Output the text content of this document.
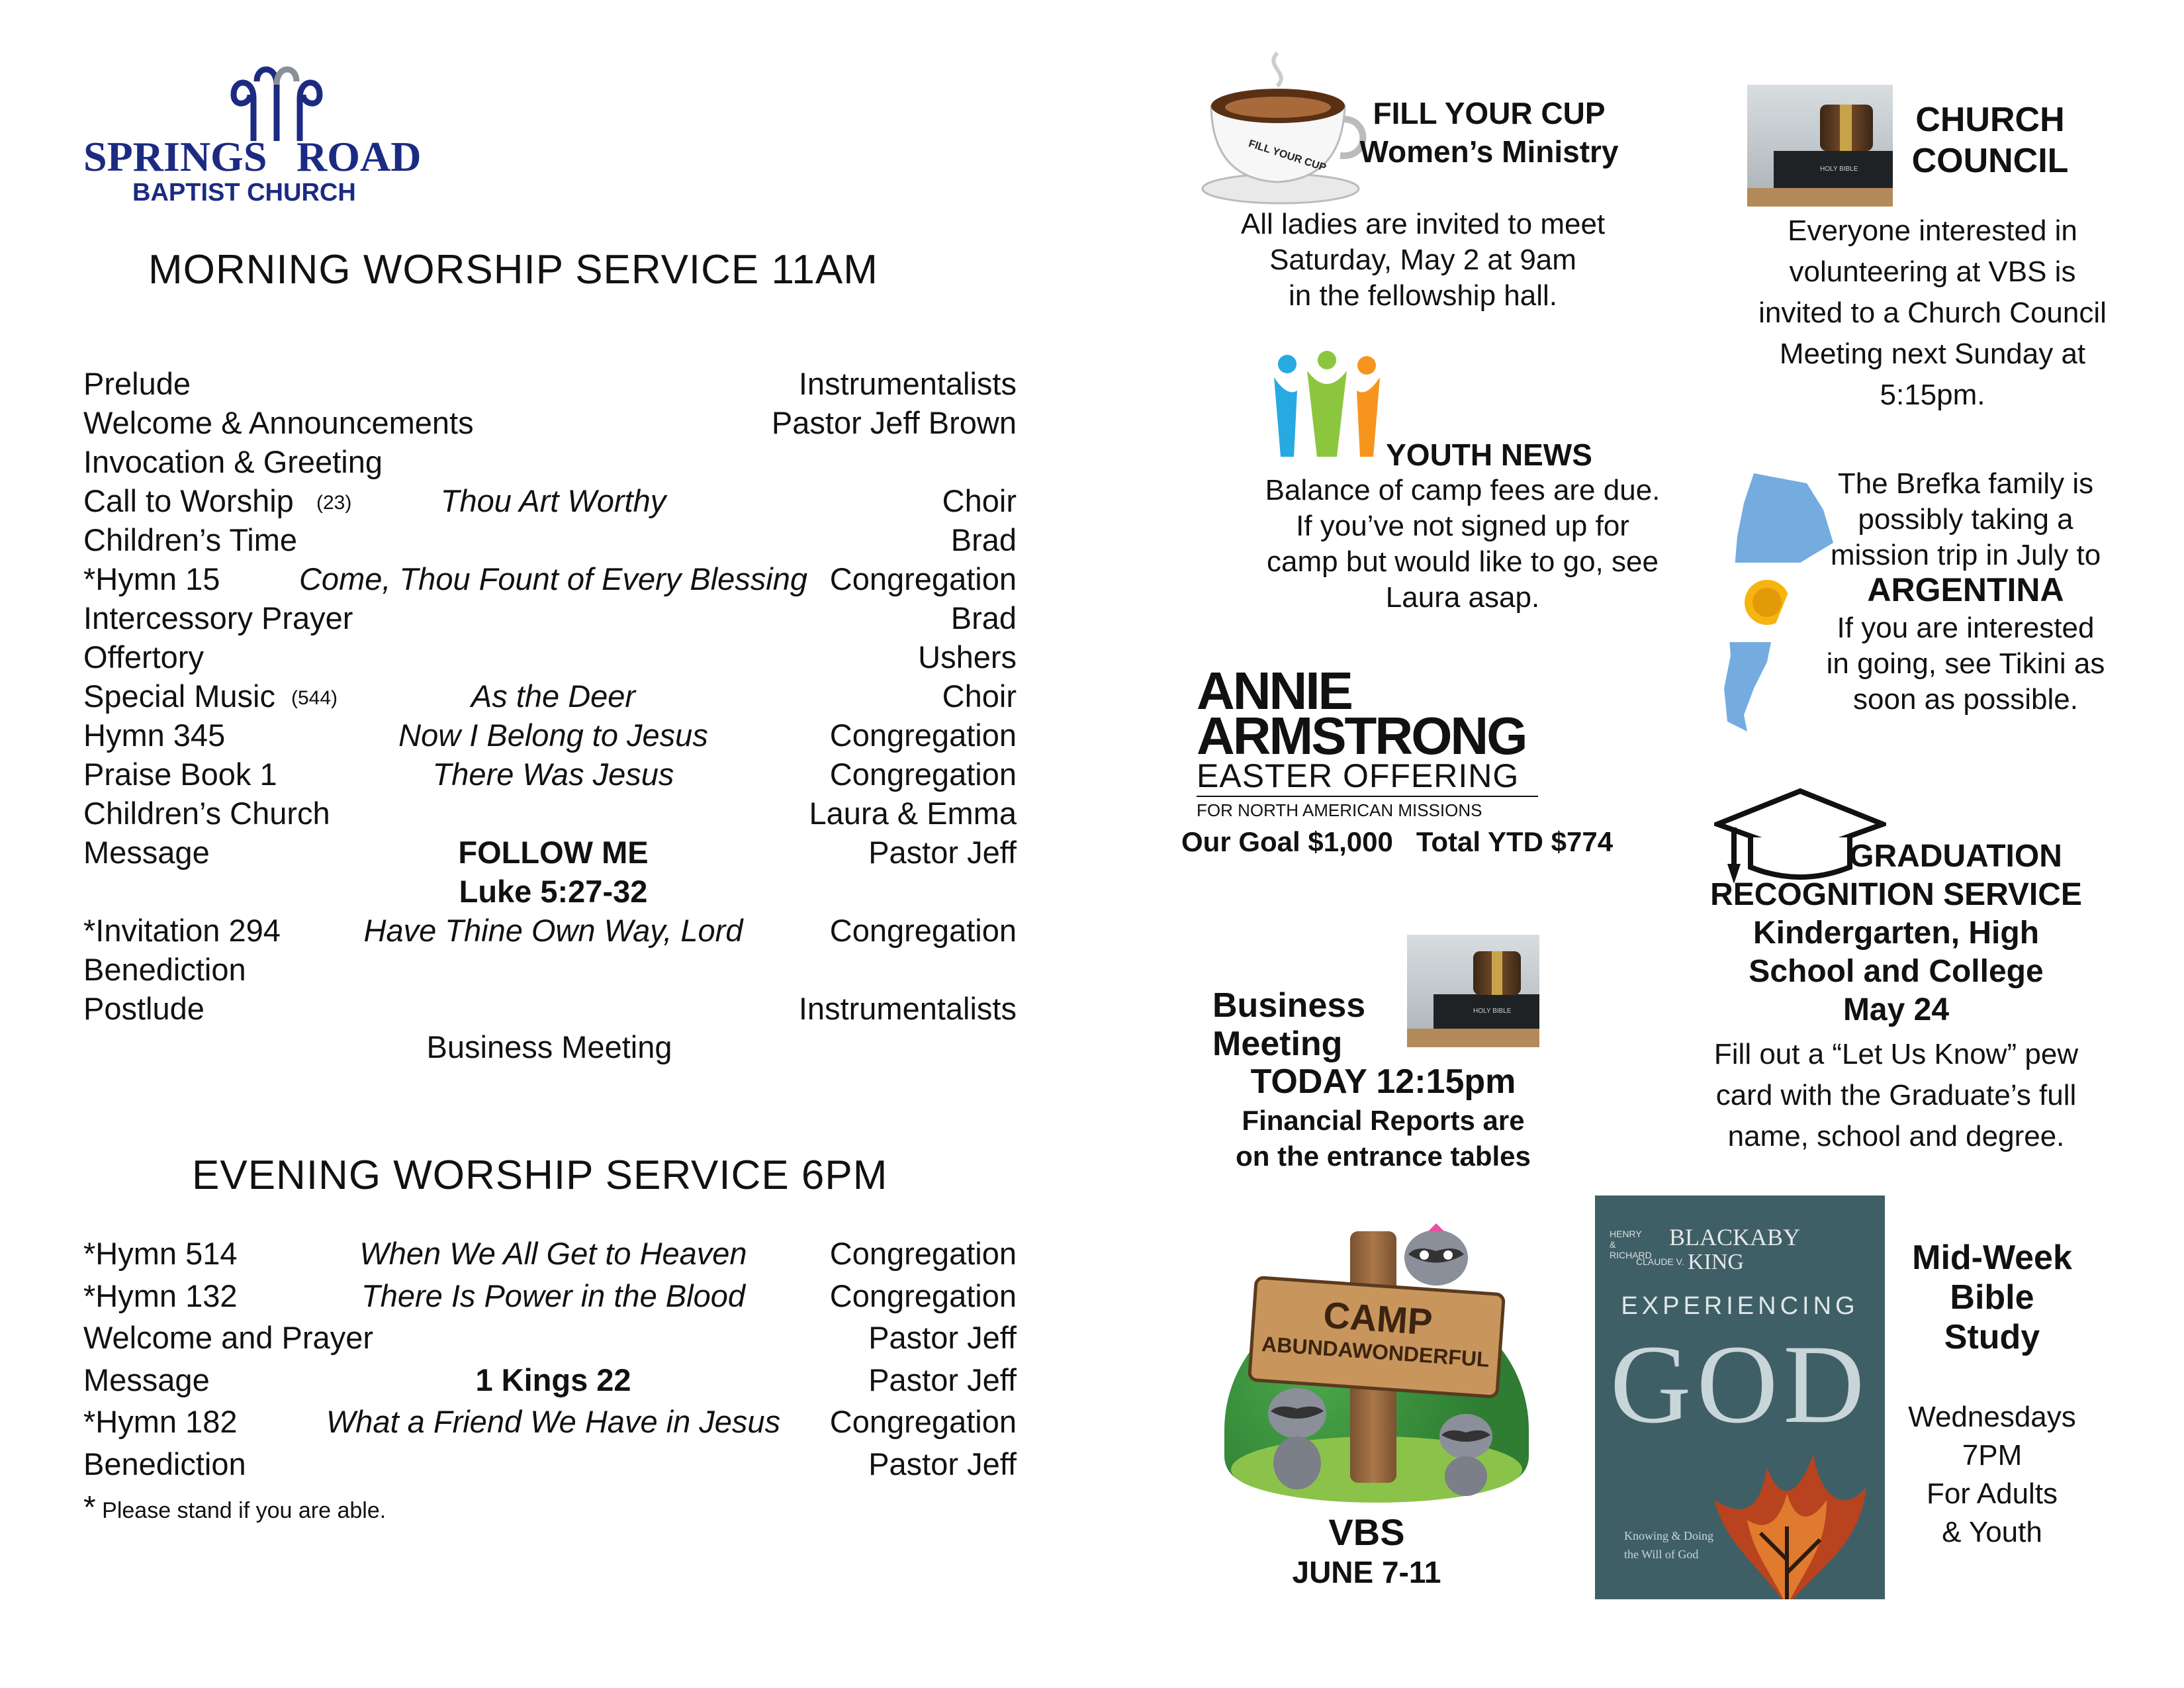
SPRINGS ROAD
BAPTIST CHURCH
MORNING WORSHIP SERVICE 11AM
Prelude	Instrumentalists
Welcome & Announcements	Pastor Jeff Brown
Invocation & Greeting
Call to Worship (23)	Thou Art Worthy	Choir
Children’s Time	Brad
*Hymn 15	Come, Thou Fount of Every Blessing Congregation
Intercessory Prayer	Brad
Offertory	Ushers
Special Music (544)	As the Deer	Choir
Hymn 345	Now I Belong to Jesus	Congregation
Praise Book 1	There Was Jesus	Congregation
Children’s Church	Laura & Emma
Message	FOLLOW ME	Pastor Jeff
Luke 5:27-32
*Invitation 294	Have Thine Own Way, Lord	Congregation
Benediction
Postlude	Instrumentalists
Business Meeting
EVENING WORSHIP SERVICE 6PM
*Hymn 514	When We All Get to Heaven	Congregation
*Hymn 132	There Is Power in the Blood	Congregation
Welcome and Prayer	Pastor Jeff
Message	1 Kings 22	Pastor Jeff
*Hymn 182	What a Friend We Have in Jesus Congregation
Benediction	Pastor Jeff
* Please stand if you are able.
FILL YOUR CUP
FILL YOUR CUP
Women’s Ministry
All ladies are invited to meet
Saturday, May 2 at 9am
in the fellowship hall.
HOLY BIBLE
CHURCH
COUNCIL
Everyone interested in
volunteering at VBS is
invited to a Church Council
Meeting next Sunday at
5:15pm.
YOUTH NEWS
Balance of camp fees are due.
If you’ve not signed up for
camp but would like to go, see
Laura asap.
The Brefka family is
possibly taking a
mission trip in July to
ARGENTINA
If you are interested
in going, see Tikini as
soon as possible.
ANNIE
ARMSTRONG
EASTER OFFERING
FOR NORTH AMERICAN MISSIONS
Our Goal $1,000   Total YTD $774	GRADUATION
RECOGNITION SERVICE
Kindergarten, High
School and College
May 24
Fill out a “Let Us Know” pew
card with the Graduate’s full
name, school and degree.
HOLY BIBLE
Business
Meeting
TODAY 12:15pm
Financial Reports are
on the entrance tables
CAMP
ABUNDAWONDERFUL
VBS
JUNE 7-11
HENRY & RICHARD
BLACKABY
CLAUDE V. KING
EXPERIENCING
GOD
Knowing & Doing
the Will of God
Mid-Week
Bible
Study
Wednesdays
7PM
For Adults
& Youth
